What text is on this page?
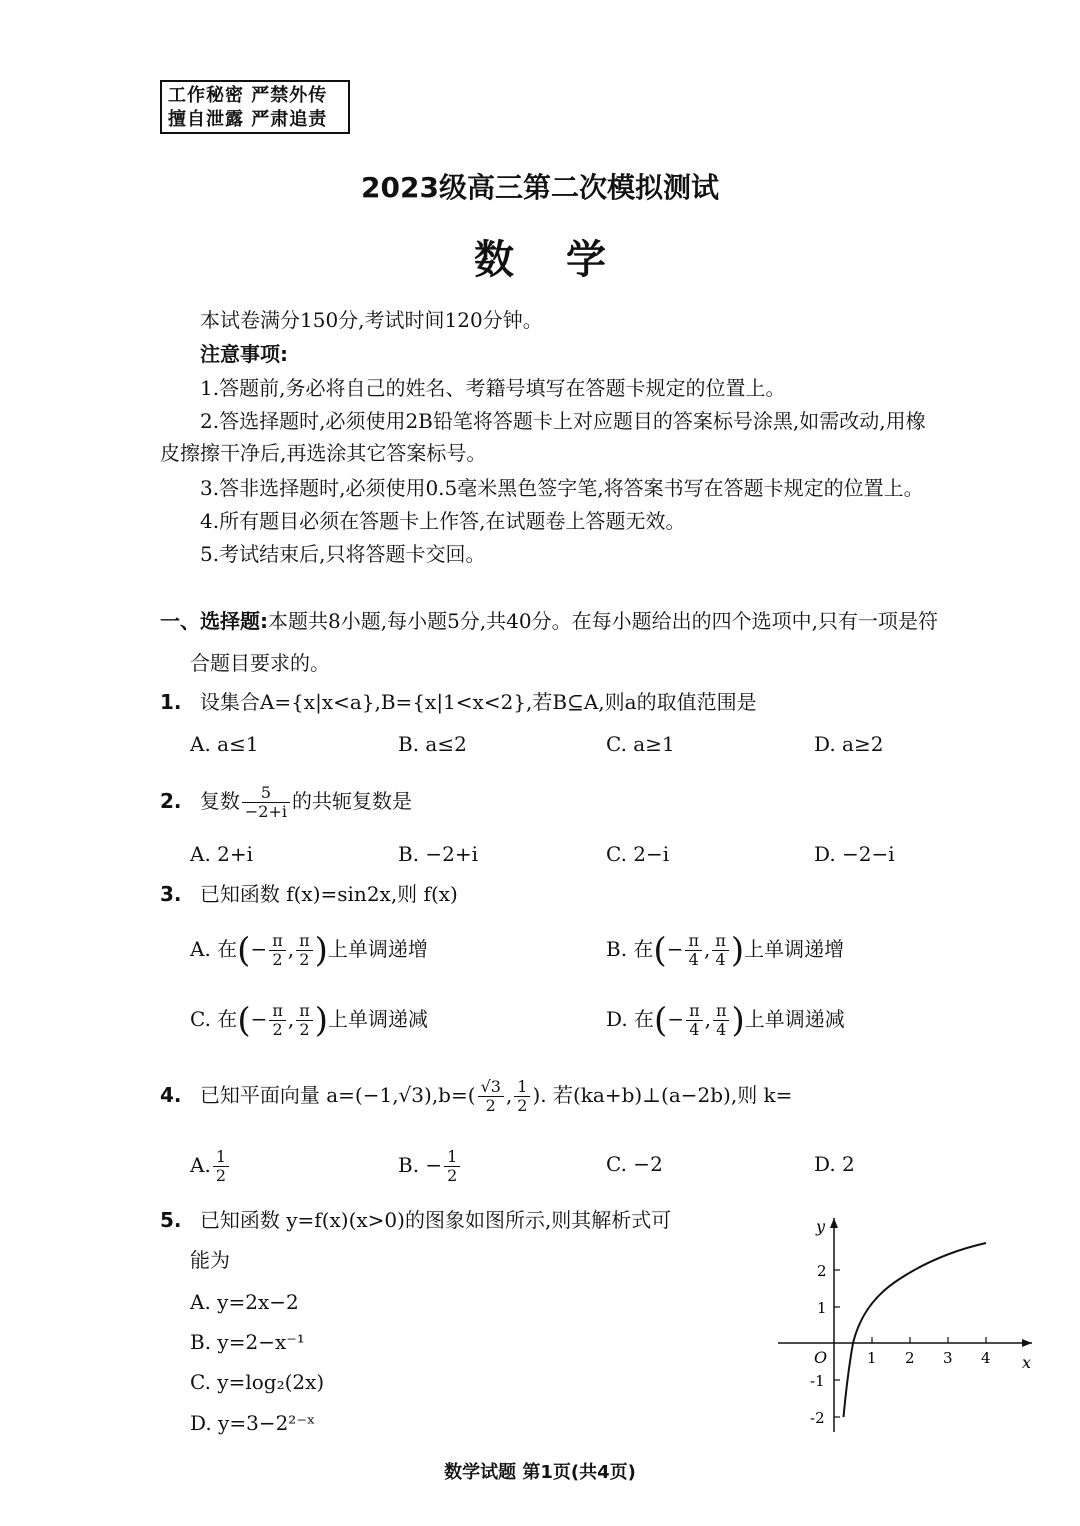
工作秘密 严禁外传
擅自泄露 严肃追责
2023级高三第二次模拟测试
数学
本试卷满分150分,考试时间120分钟。
注意事项:
1.答题前,务必将自己的姓名、考籍号填写在答题卡规定的位置上。
2.答选择题时,必须使用2B铅笔将答题卡上对应题目的答案标号涂黑,如需改动,用橡
皮擦擦干净后,再选涂其它答案标号。
3.答非选择题时,必须使用0.5毫米黑色签字笔,将答案书写在答题卡规定的位置上。
4.所有题目必须在答题卡上作答,在试题卷上答题无效。
5.考试结束后,只将答题卡交回。
一、选择题:本题共8小题,每小题5分,共40分。在每小题给出的四个选项中,只有一项是符
合题目要求的。
1. 设集合A={x|x<a},B={x|1<x<2},若B⊆A,则a的取值范围是
A. a≤1	B. a≤2	C. a≥1	D. a≥2
2. 复数 $\frac{5}{-2+i}$ 的共轭复数是
A. 2+i	B. −2+i	C. 2−i	D. −2−i
3. 已知函数 f(x)=sin2x,则 f(x)
A. 在(− $\frac{\pi}{2}$ , $\frac{\pi}{2}$ )上单调递增	B. 在(− $\frac{\pi}{4}$ , $\frac{\pi}{4}$ )上单调递增
C. 在(− $\frac{\pi}{2}$ , $\frac{\pi}{2}$ )上单调递减	D. 在(− $\frac{\pi}{4}$ , $\frac{\pi}{4}$ )上单调递减
4. 已知平面向量 $a=(-1,√3),b=( \frac{√3}{2}$ , $\frac{1}{2}$ ). 若(ka+b)⊥(a−2b),则 k=
A. $\frac{1}{2}$	B. − $\frac{1}{2}$	C. −2	D. 2
5. 已知函数 y=f(x)(x>0)的图象如图所示,则其解析式可
能为
A. y=2x−2
B. y=2−x⁻¹
C. y=log₂(2x)
D. y=3−2²⁻ˣ
y
x
O	1 2 3 4
2
1
-1
-2
数学试题 第1页(共4页)
